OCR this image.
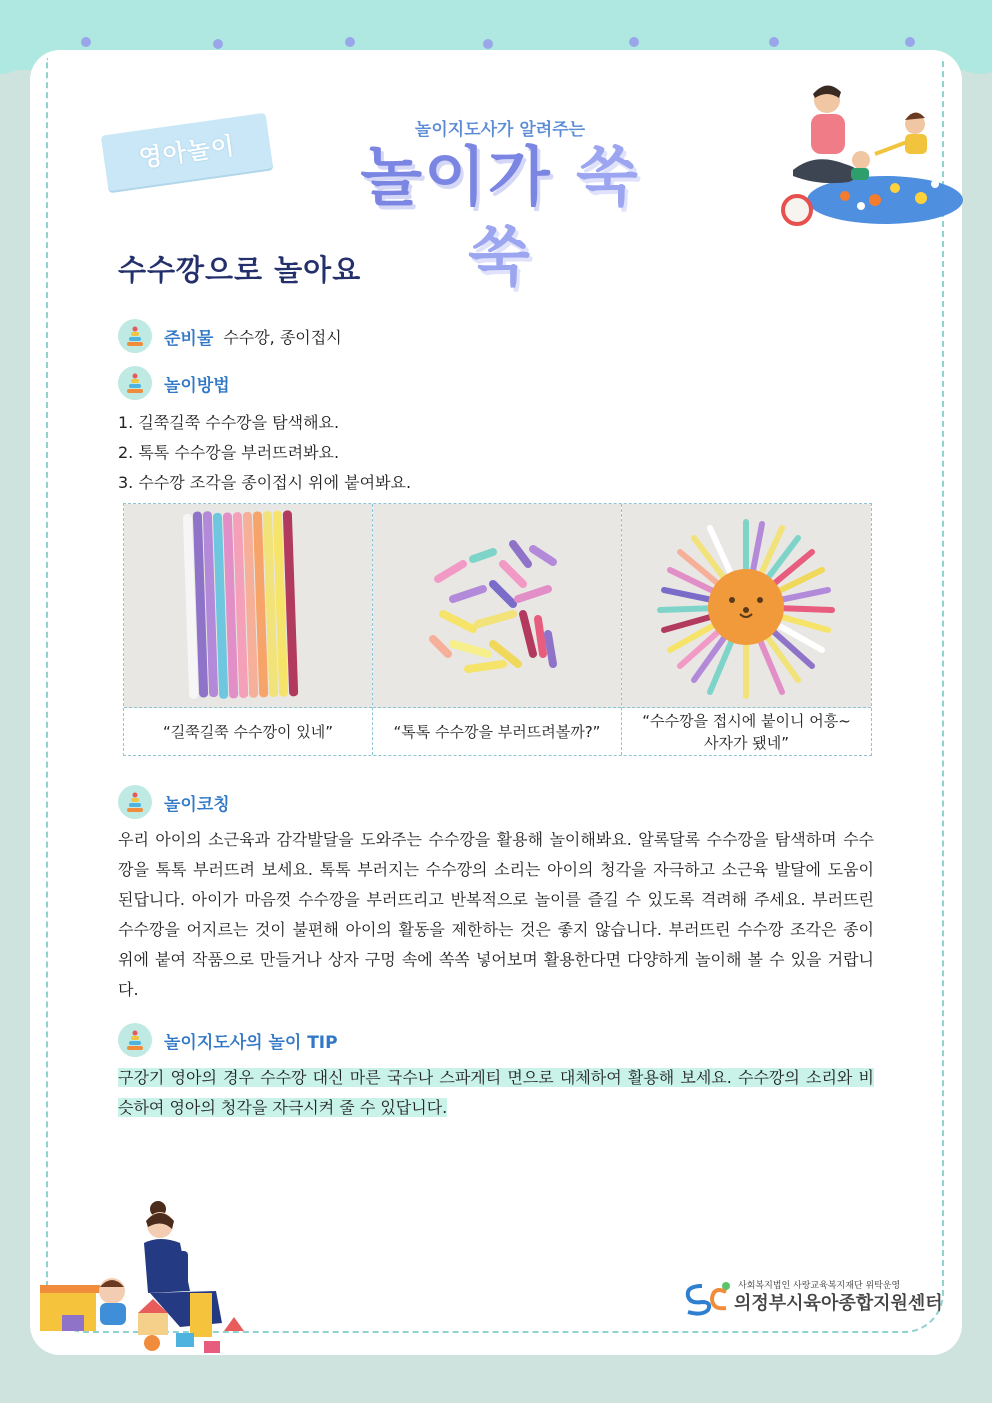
영아놀이
놀이지도사가 알려주는
놀이가 쑥쑥
수수깡으로 놀아요
준비물 수수깡, 종이접시
놀이방법
1. 길쭉길쭉 수수깡을 탐색해요.
2. 톡톡 수수깡을 부러뜨려봐요.
3. 수수깡 조각을 종이접시 위에 붙여봐요.
“길쭉길쭉 수수깡이 있네”	“톡톡 수수깡을 부러뜨려볼까?”
“수수깡을 접시에 붙이니 어흥~
사자가 됐네”
놀이코칭
우리 아이의 소근육과 감각발달을 도와주는 수수깡을 활용해 놀이해봐요. 알록달록 수수깡을 탐색하며 수수깡을 톡톡 부러뜨려 보세요. 톡톡 부러지는 수수깡의 소리는 아이의 청각을 자극하고 소근육 발달에 도움이 된답니다. 아이가 마음껏 수수깡을 부러뜨리고 반복적으로 놀이를 즐길 수 있도록 격려해 주세요. 부러뜨린 수수깡을 어지르는 것이 불편해 아이의 활동을 제한하는 것은 좋지 않습니다. 부러뜨린 수수깡 조각은 종이 위에 붙여 작품으로 만들거나 상자 구멍 속에 쏙쏙 넣어보며 활용한다면 다양하게 놀이해 볼 수 있을 거랍니다.
놀이지도사의 놀이 TIP
구강기 영아의 경우 수수깡 대신 마른 국수나 스파게티 면으로 대체하여 활용해 보세요. 수수깡의 소리와 비슷하여 영아의 청각을 자극시켜 줄 수 있답니다.
사회복지법인 사랑교육복지재단 위탁운영
의정부시육아종합지원센터
